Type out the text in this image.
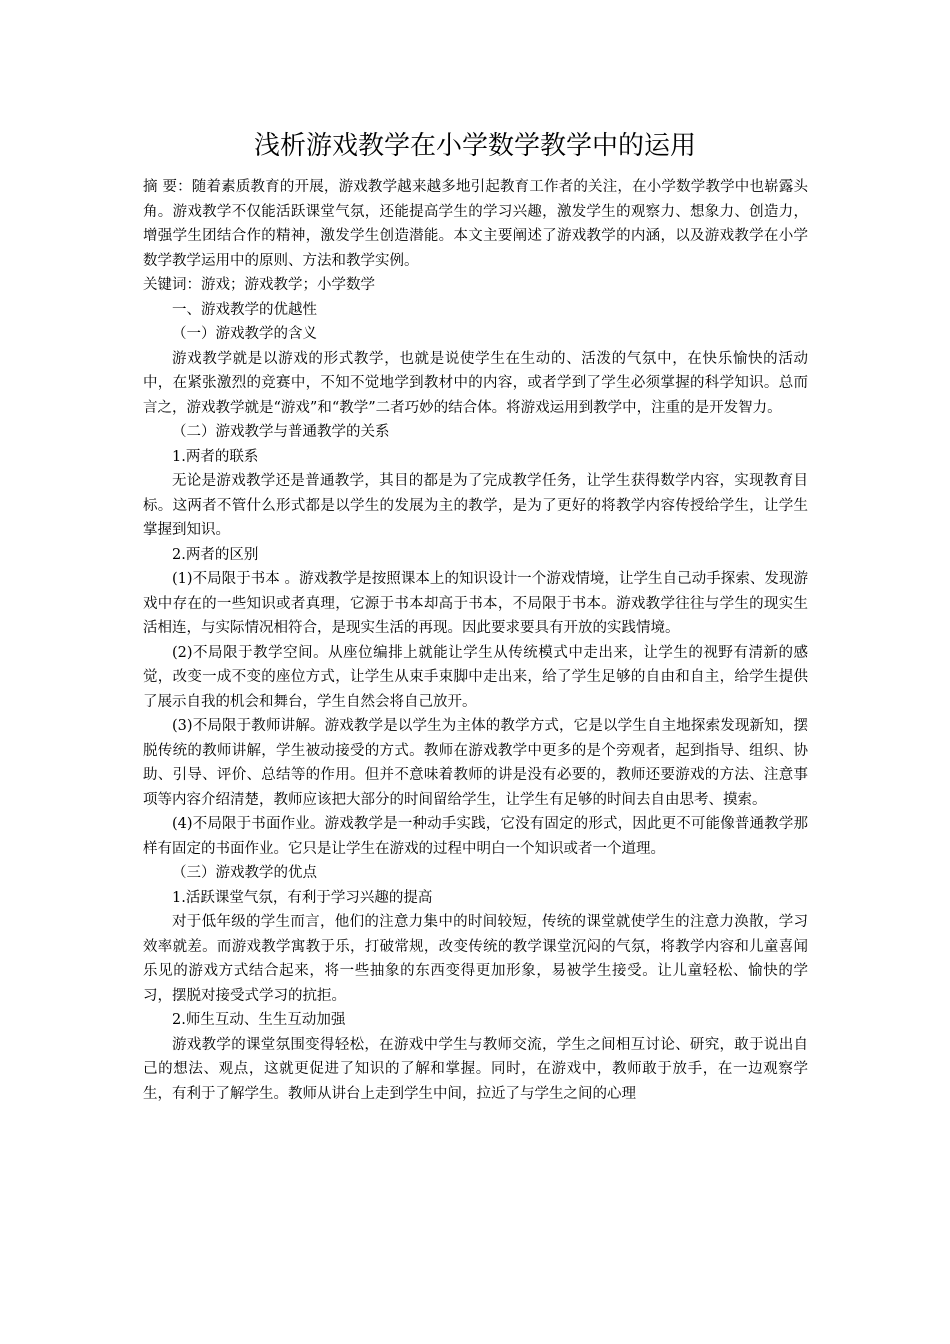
浅析游戏教学在小学数学教学中的运用

摘 要：随着素质教育的开展，游戏教学越来越多地引起教育工作者的关注，在小学数学教学中也崭露头角。游戏教学不仅能活跃课堂气氛，还能提高学生的学习兴趣，激发学生的观察力、想象力、创造力，增强学生团结合作的精神，激发学生创造潜能。本文主要阐述了游戏教学的内涵，以及游戏教学在小学数学教学运用中的原则、方法和教学实例。

关键词：游戏；游戏教学；小学数学

一、游戏教学的优越性

（一）游戏教学的含义

游戏教学就是以游戏的形式教学，也就是说使学生在生动的、活泼的气氛中，在快乐愉快的活动中，在紧张激烈的竞赛中，不知不觉地学到教材中的内容，或者学到了学生必须掌握的科学知识。总而言之，游戏教学就是“游戏”和“教学”二者巧妙的结合体。将游戏运用到教学中，注重的是开发智力。

（二）游戏教学与普通教学的关系

1.两者的联系

无论是游戏教学还是普通教学，其目的都是为了完成教学任务，让学生获得数学内容，实现教育目标。这两者不管什么形式都是以学生的发展为主的教学，是为了更好的将教学内容传授给学生，让学生掌握到知识。

2.两者的区别

(1)不局限于书本 。游戏教学是按照课本上的知识设计一个游戏情境，让学生自己动手探索、发现游戏中存在的一些知识或者真理，它源于书本却高于书本，不局限于书本。游戏教学往往与学生的现实生活相连，与实际情况相符合，是现实生活的再现。因此要求要具有开放的实践情境。

(2)不局限于教学空间。从座位编排上就能让学生从传统模式中走出来，让学生的视野有清新的感觉，改变一成不变的座位方式，让学生从束手束脚中走出来，给了学生足够的自由和自主，给学生提供了展示自我的机会和舞台，学生自然会将自己放开。

(3)不局限于教师讲解。游戏教学是以学生为主体的教学方式，它是以学生自主地探索发现新知，摆脱传统的教师讲解，学生被动接受的方式。教师在游戏教学中更多的是个旁观者，起到指导、组织、协助、引导、评价、总结等的作用。但并不意味着教师的讲是没有必要的，教师还要游戏的方法、注意事项等内容介绍清楚，教师应该把大部分的时间留给学生，让学生有足够的时间去自由思考、摸索。

(4)不局限于书面作业。游戏教学是一种动手实践，它没有固定的形式，因此更不可能像普通教学那样有固定的书面作业。它只是让学生在游戏的过程中明白一个知识或者一个道理。

（三）游戏教学的优点

1.活跃课堂气氛，有利于学习兴趣的提高

对于低年级的学生而言，他们的注意力集中的时间较短，传统的课堂就使学生的注意力涣散，学习效率就差。而游戏教学寓教于乐，打破常规，改变传统的教学课堂沉闷的气氛，将教学内容和儿童喜闻乐见的游戏方式结合起来，将一些抽象的东西变得更加形象，易被学生接受。让儿童轻松、愉快的学习，摆脱对接受式学习的抗拒。

2.师生互动、生生互动加强

游戏教学的课堂氛围变得轻松，在游戏中学生与教师交流，学生之间相互讨论、研究，敢于说出自己的想法、观点，这就更促进了知识的了解和掌握。同时，在游戏中，教师敢于放手，在一边观察学生，有利于了解学生。教师从讲台上走到学生中间，拉近了与学生之间的心理
